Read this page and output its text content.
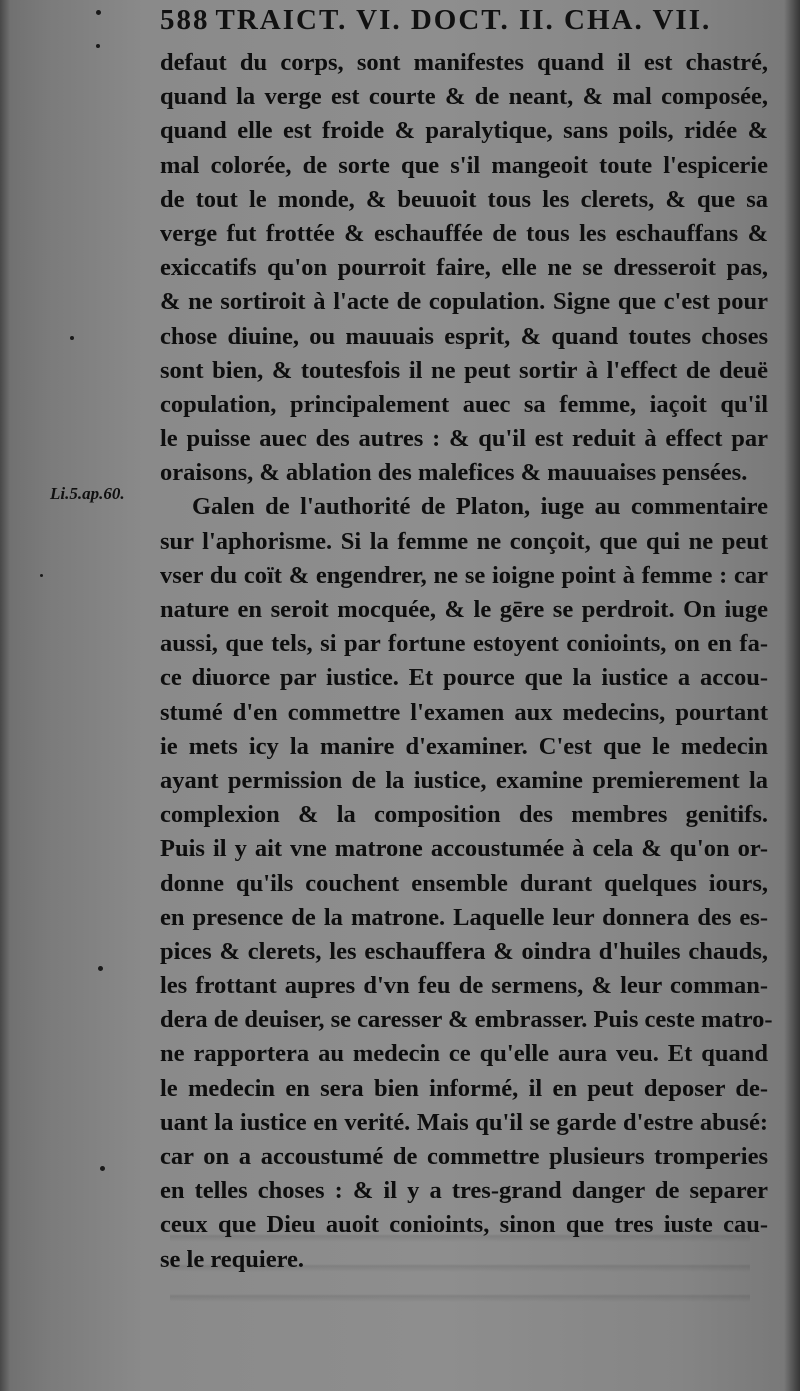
588 TRAICT. VI. DOCT. II. CHA. VII.
Li.5.ap.60.
defaut du corps, sont manifestes quand il est chastré,
quand la verge est courte & de neant, & mal composée,
quand elle est froide & paralytique, sans poils, ridée &
mal colorée, de sorte que s'il mangeoit toute l'espicerie
de tout le monde, & beuuoit tous les clerets, & que sa
verge fut frottée & eschauffée de tous les eschauffans &
exiccatifs qu'on pourroit faire, elle ne se dresseroit pas,
& ne sortiroit à l'acte de copulation. Signe que c'est pour
chose diuine, ou mauuais esprit, & quand toutes choses
sont bien, & toutesfois il ne peut sortir à l'effect de deuë
copulation, principalement auec sa femme, iaçoit qu'il
le puisse auec des autres : & qu'il est reduit à effect par
oraisons, & ablation des malefices & mauuaises pensées.
Galen de l'authorité de Platon, iuge au commentaire
sur l'aphorisme. Si la femme ne conçoit, que qui ne peut
vser du coït & engendrer, ne se ioigne point à femme : car
nature en seroit mocquée, & le gēre se perdroit. On iuge
aussi, que tels, si par fortune estoyent conioints, on en fa-
ce diuorce par iustice. Et pource que la iustice a accou-
stumé d'en commettre l'examen aux medecins, pourtant
ie mets icy la manire d'examiner. C'est que le medecin
ayant permission de la iustice, examine premierement la
complexion & la composition des membres genitifs.
Puis il y ait vne matrone accoustumée à cela & qu'on or-
donne qu'ils couchent ensemble durant quelques iours,
en presence de la matrone. Laquelle leur donnera des es-
pices & clerets, les eschauffera & oindra d'huiles chauds,
les frottant aupres d'vn feu de sermens, & leur comman-
dera de deuiser, se caresser & embrasser. Puis ceste matro-
ne rapportera au medecin ce qu'elle aura veu. Et quand
le medecin en sera bien informé, il en peut deposer de-
uant la iustice en verité. Mais qu'il se garde d'estre abusé:
car on a accoustumé de commettre plusieurs tromperies
en telles choses : & il y a tres-grand danger de separer
ceux que Dieu auoit conioints, sinon que tres iuste cau-
se le requiere.
